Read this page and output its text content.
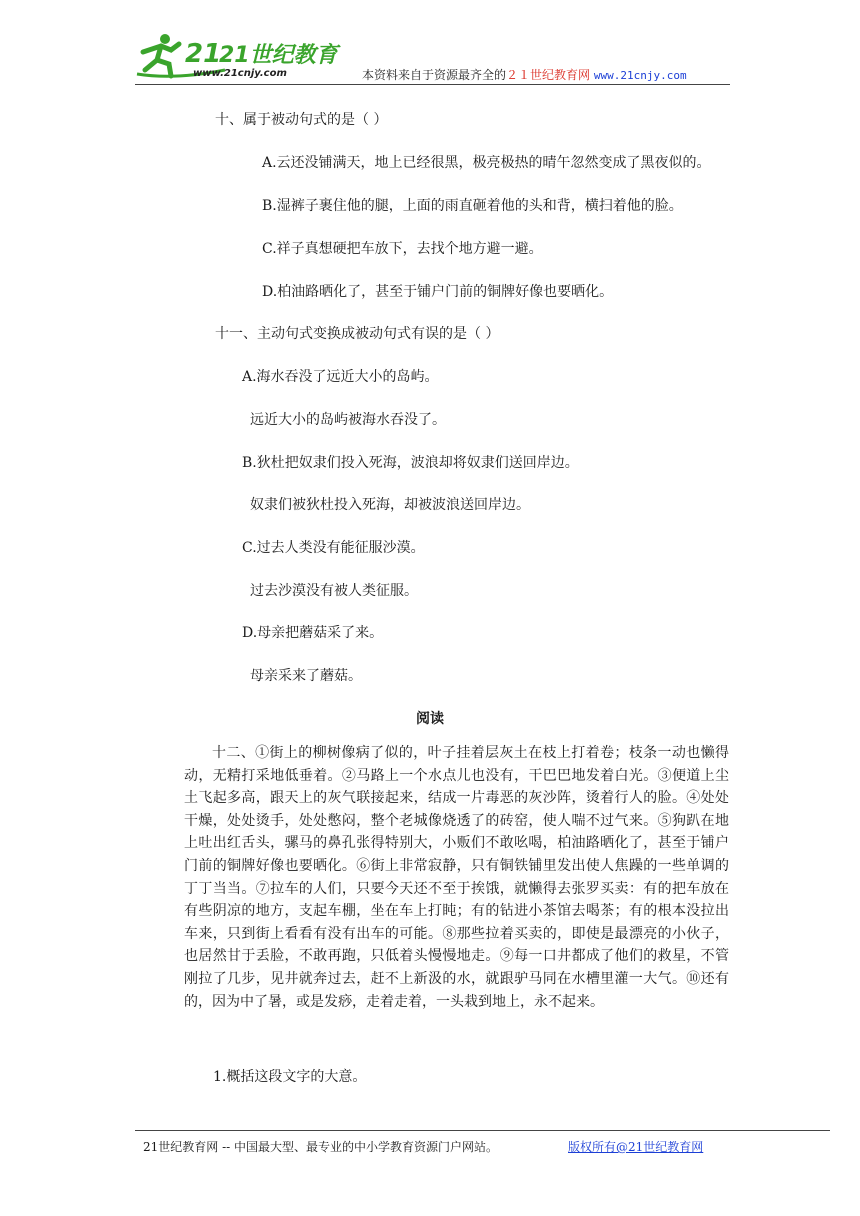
21
21世纪教育
www.21cnjy.com	本资料来自于资源最齐全的２１世纪教育网 www.21cnjy.com
十、属于被动句式的是（ ）
A.云还没铺满天，地上已经很黑，极亮极热的晴午忽然变成了黑夜似的。
B.湿裤子裹住他的腿，上面的雨直砸着他的头和背，横扫着他的脸。
C.祥子真想硬把车放下，去找个地方避一避。
D.柏油路晒化了，甚至于铺户门前的铜牌好像也要晒化。
十一、主动句式变换成被动句式有误的是（ ）
A.海水吞没了远近大小的岛屿。
远近大小的岛屿被海水吞没了。
B.狄杜把奴隶们投入死海，波浪却将奴隶们送回岸边。
奴隶们被狄杜投入死海，却被波浪送回岸边。
C.过去人类没有能征服沙漠。
过去沙漠没有被人类征服。
D.母亲把蘑菇采了来。
母亲采来了蘑菇。
阅读
十二、①街上的柳树像病了似的，叶子挂着层灰土在枝上打着卷；枝条一动也懒得动，无精打采地低垂着。②马路上一个水点儿也没有，干巴巴地发着白光。③便道上尘土飞起多高，跟天上的灰气联接起来，结成一片毒恶的灰沙阵，烫着行人的脸。④处处干燥，处处烫手，处处憋闷，整个老城像烧透了的砖窑，使人喘不过气来。⑤狗趴在地上吐出红舌头，骡马的鼻孔张得特别大，小贩们不敢吆喝，柏油路晒化了，甚至于铺户门前的铜牌好像也要晒化。⑥街上非常寂静，只有铜铁铺里发出使人焦躁的一些单调的丁丁当当。⑦拉车的人们，只要今天还不至于挨饿，就懒得去张罗买卖：有的把车放在有些阴凉的地方，支起车棚，坐在车上打盹；有的钻进小茶馆去喝茶；有的根本没拉出车来，只到街上看看有没有出车的可能。⑧那些拉着买卖的，即使是最漂亮的小伙子，也居然甘于丢脸，不敢再跑，只低着头慢慢地走。⑨每一口井都成了他们的救星，不管刚拉了几步，见井就奔过去，赶不上新汲的水，就跟驴马同在水槽里灌一大气。⑩还有的，因为中了暑，或是发痧，走着走着，一头栽到地上，永不起来。
1.概括这段文字的大意。
21世纪教育网 -- 中国最大型、最专业的中小学教育资源门户网站。	版权所有@21世纪教育网
